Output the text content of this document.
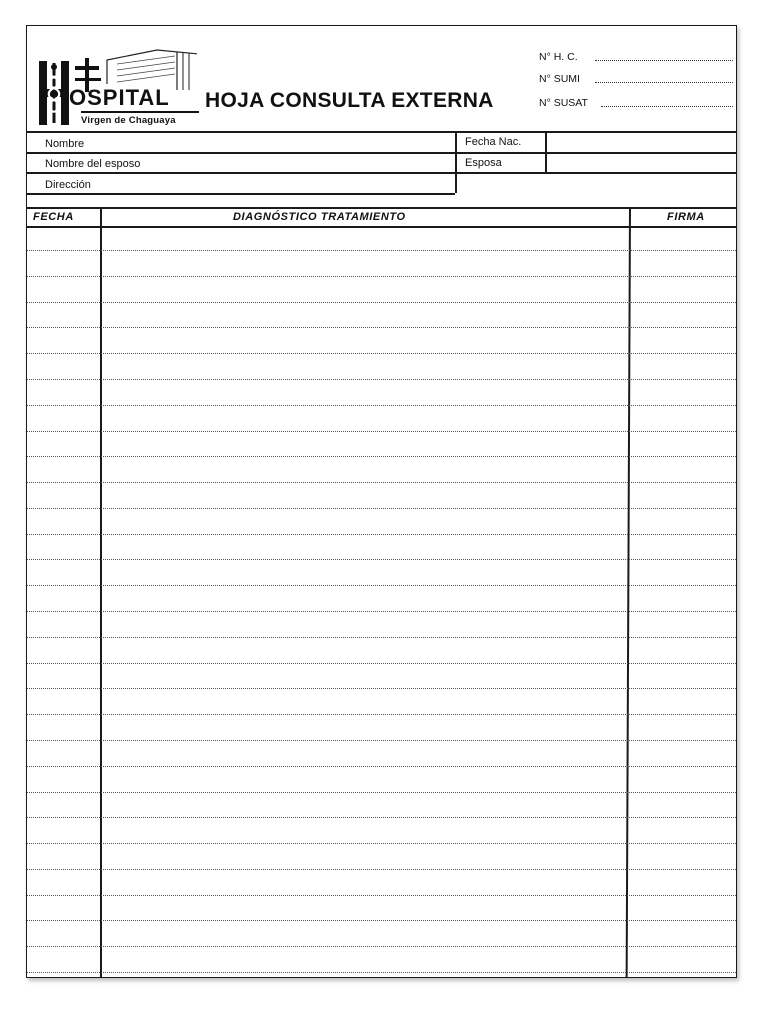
OSPITAL
Virgen de Chaguaya
HOJA CONSULTA EXTERNA
N° H. C.
N° SUMI
N° SUSAT
Nombre	Fecha Nac.
Nombre del esposo	Esposa
Dirección
FECHA	DIAGNÓSTICO TRATAMIENTO	FIRMA
